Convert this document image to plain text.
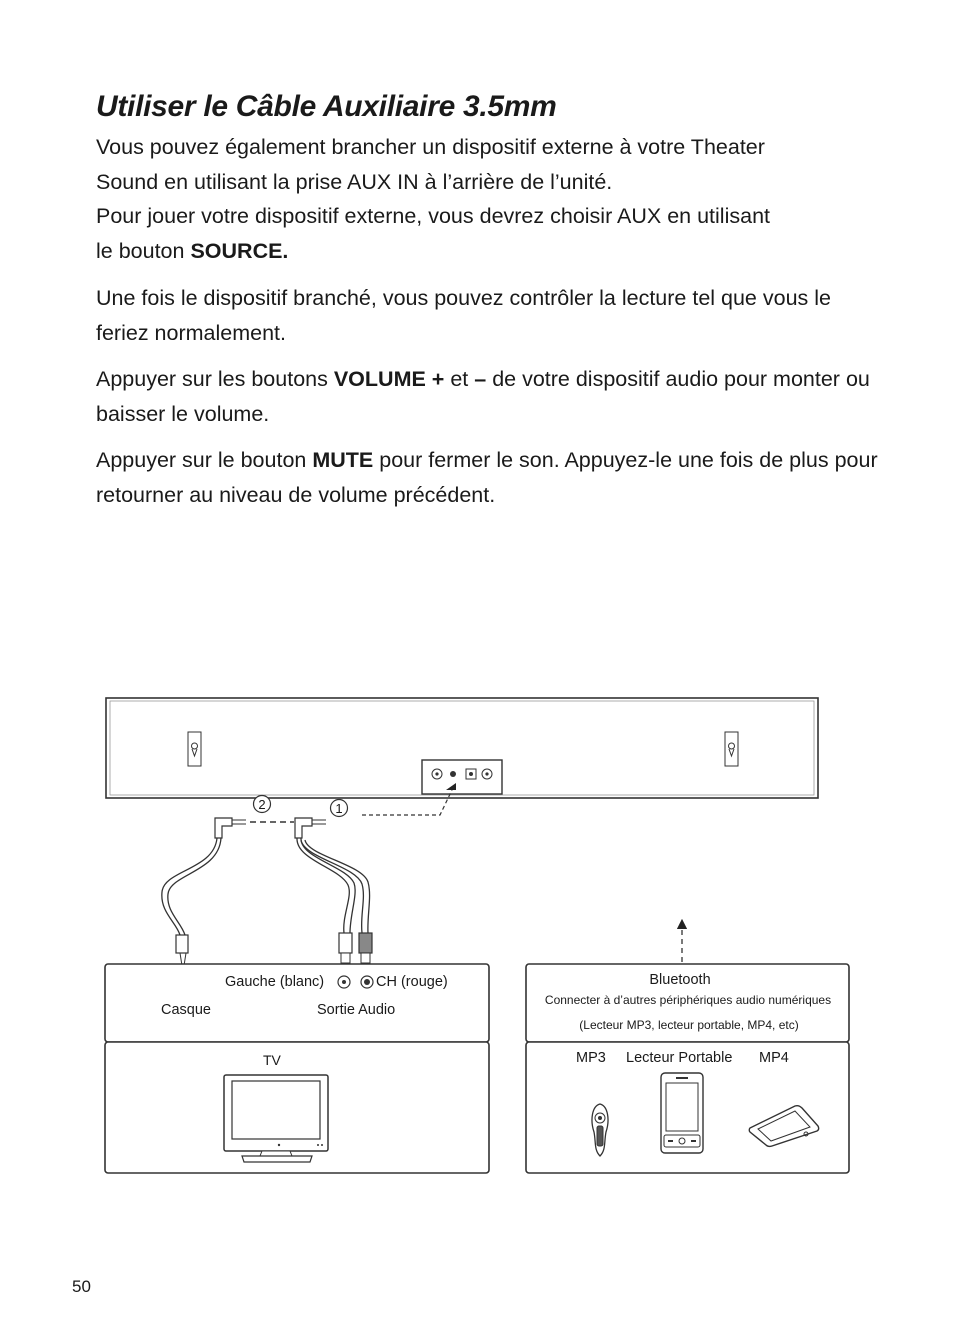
Utiliser le Câble Auxiliaire 3.5mm

Vous pouvez également brancher un dispositif externe à votre Theater
Sound en utilisant la prise AUX IN à l’arrière de l’unité.
Pour jouer votre dispositif externe, vous devrez choisir AUX en utilisant
le bouton SOURCE.

Une fois le dispositif branché, vous pouvez contrôler la lecture tel que vous le feriez normalement.

Appuyer sur les boutons VOLUME + et – de votre dispositif audio pour monter ou baisser le volume.

Appuyer sur le bouton MUTE pour fermer le son. Appuyez-le une fois de plus pour retourner au niveau de volume précédent.

2	1
Gauche (blanc)	CH (rouge)
Casque	Sortie Audio
TV
Bluetooth
Connecter à d’autres périphériques audio numériques
(Lecteur MP3, lecteur portable, MP4, etc)
MP3 Lecteur Portable MP4
50
